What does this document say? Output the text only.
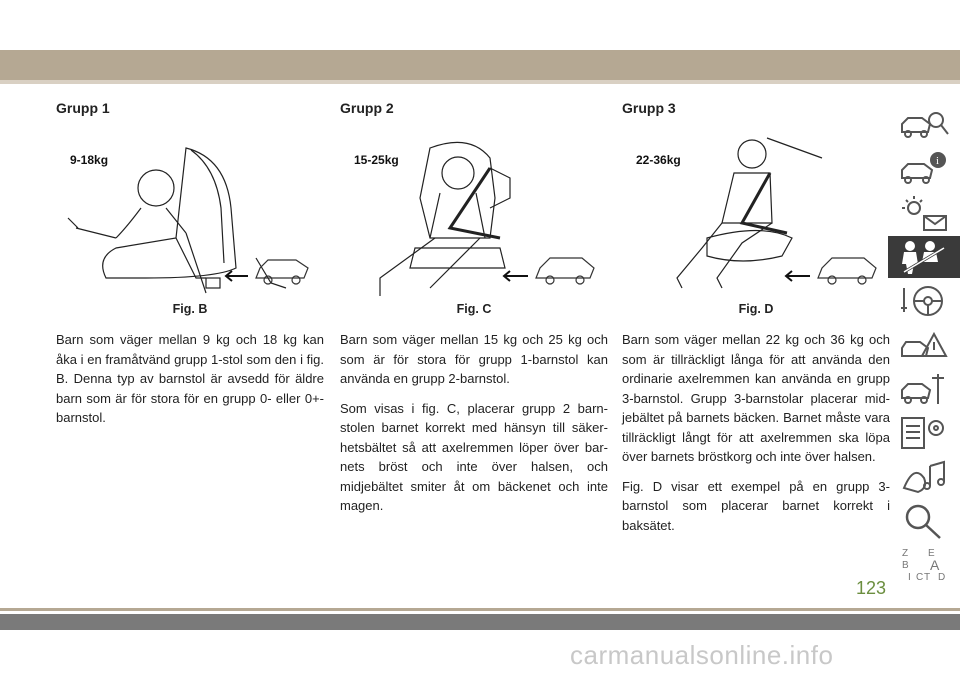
Grupp 1
9-18kg
Fig. B

Barn som väger mellan 9 kg och 18 kg kan åka i en framåtvänd grupp 1-stol som den i fig. B. Denna typ av barnstol är avsedd för äldre barn som är för stora för en grupp 0- eller 0+-barnstol.

Grupp 2
15-25kg
Fig. C

Barn som väger mellan 15 kg och 25 kg och som är för stora för grupp 1-barnstol kan använda en grupp 2-barnstol.

Som visas i fig. C, placerar grupp 2 barn-stolen barnet korrekt med hänsyn till säker-hetsbältet så att axelremmen löper över bar-nets bröst och inte över halsen, och midjebältet smiter åt om bäckenet och inte magen.

Grupp 3
22-36kg
Fig. D

Barn som väger mellan 22 kg och 36 kg och som är tillräckligt långa för att använda den ordinarie axelremmen kan använda en grupp 3-barnstol. Grupp 3-barnstolar placerar mid-jebältet på barnets bäcken. Barnet måste vara tillräckligt långt för att axelremmen ska löpa över barnets bröstkorg och inte över halsen.

Fig. D visar ett exempel på en grupp 3-barnstol som placerar barnet korrekt i baksätet.

i
Z E
B A
I C T D
123
carmanualsonline.info
